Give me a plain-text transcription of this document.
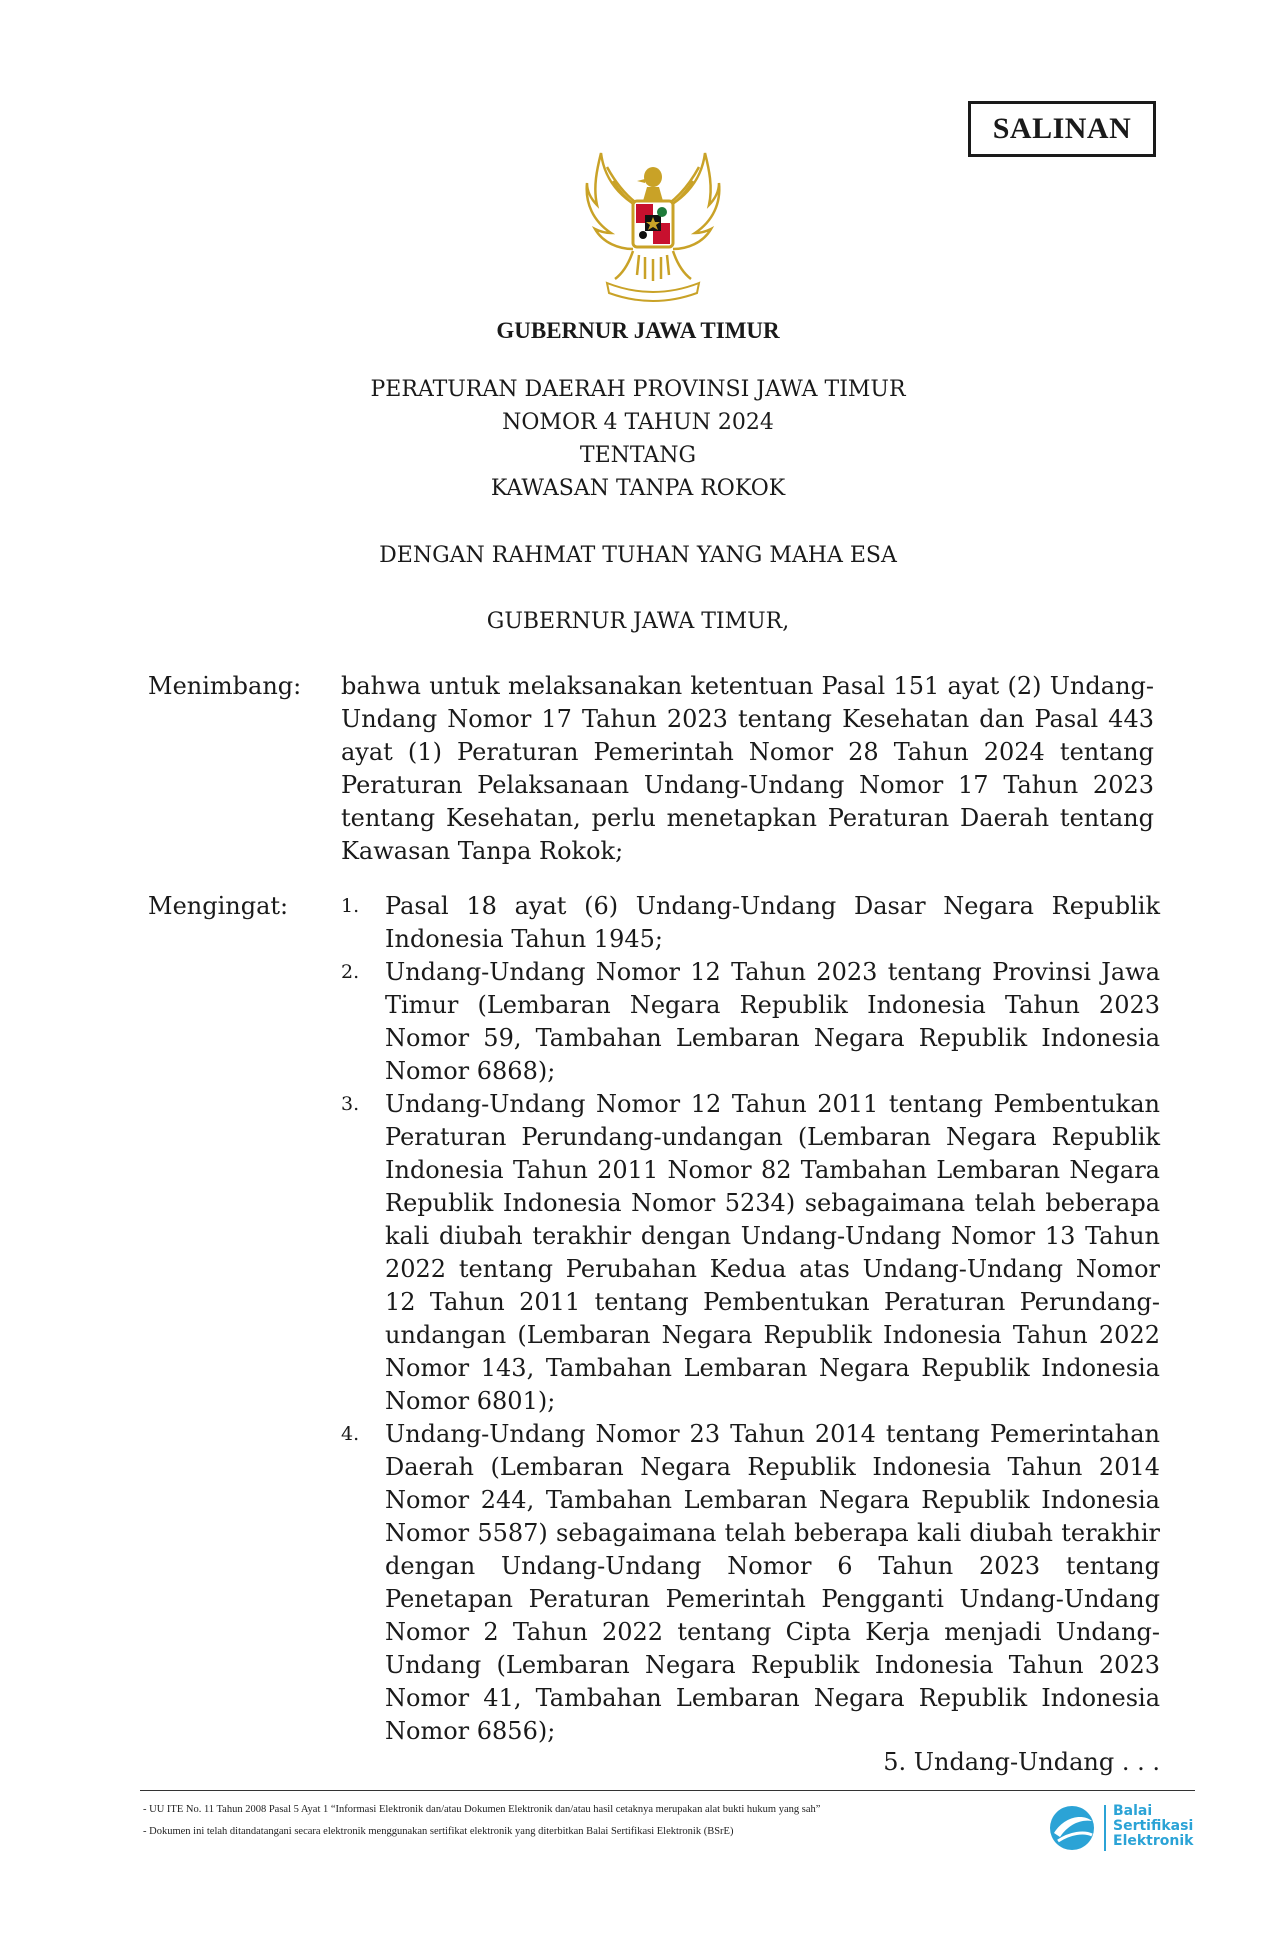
SALINAN
GUBERNUR JAWA TIMUR
PERATURAN DAERAH PROVINSI JAWA TIMUR
NOMOR 4 TAHUN 2024
TENTANG
KAWASAN TANPA ROKOK
DENGAN RAHMAT TUHAN YANG MAHA ESA
GUBERNUR JAWA TIMUR,
Menimbang: bahwa untuk melaksanakan ketentuan Pasal 151 ayat (2) Undang-Undang Nomor 17 Tahun 2023 tentang Kesehatan dan Pasal 443 ayat (1) Peraturan Pemerintah Nomor 28 Tahun 2024 tentang Peraturan Pelaksanaan Undang-Undang Nomor 17 Tahun 2023 tentang Kesehatan, perlu menetapkan Peraturan Daerah tentang Kawasan Tanpa Rokok;

Mengingat:	1. Pasal 18 ayat (6) Undang-Undang Dasar Negara Republik Indonesia Tahun 1945;
2. Undang-Undang Nomor 12 Tahun 2023 tentang Provinsi Jawa Timur (Lembaran Negara Republik Indonesia Tahun 2023 Nomor 59, Tambahan Lembaran Negara Republik Indonesia Nomor 6868);
3. Undang-Undang Nomor 12 Tahun 2011 tentang Pembentukan Peraturan Perundang-undangan (Lembaran Negara Republik Indonesia Tahun 2011 Nomor 82 Tambahan Lembaran Negara Republik Indonesia Nomor 5234) sebagaimana telah beberapa kali diubah terakhir dengan Undang-Undang Nomor 13 Tahun 2022 tentang Perubahan Kedua atas Undang-Undang Nomor 12 Tahun 2011 tentang Pembentukan Peraturan Perundang-undangan (Lembaran Negara Republik Indonesia Tahun 2022 Nomor 143, Tambahan Lembaran Negara Republik Indonesia Nomor 6801);
4. Undang-Undang Nomor 23 Tahun 2014 tentang Pemerintahan Daerah (Lembaran Negara Republik Indonesia Tahun 2014 Nomor 244, Tambahan Lembaran Negara Republik Indonesia Nomor 5587) sebagaimana telah beberapa kali diubah terakhir dengan Undang-Undang Nomor 6 Tahun 2023 tentang Penetapan Peraturan Pemerintah Pengganti Undang-Undang Nomor 2 Tahun 2022 tentang Cipta Kerja menjadi Undang-Undang (Lembaran Negara Republik Indonesia Tahun 2023 Nomor 41, Tambahan Lembaran Negara Republik Indonesia Nomor 6856);
5. Undang-Undang . . .
- UU ITE No. 11 Tahun 2008 Pasal 5 Ayat 1 “Informasi Elektronik dan/atau Dokumen Elektronik dan/atau hasil cetaknya merupakan alat bukti hukum yang sah”
- Dokumen ini telah ditandatangani secara elektronik menggunakan sertifikat elektronik yang diterbitkan Balai Sertifikasi Elektronik (BSrE)
Balai
Sertifikasi
Elektronik
